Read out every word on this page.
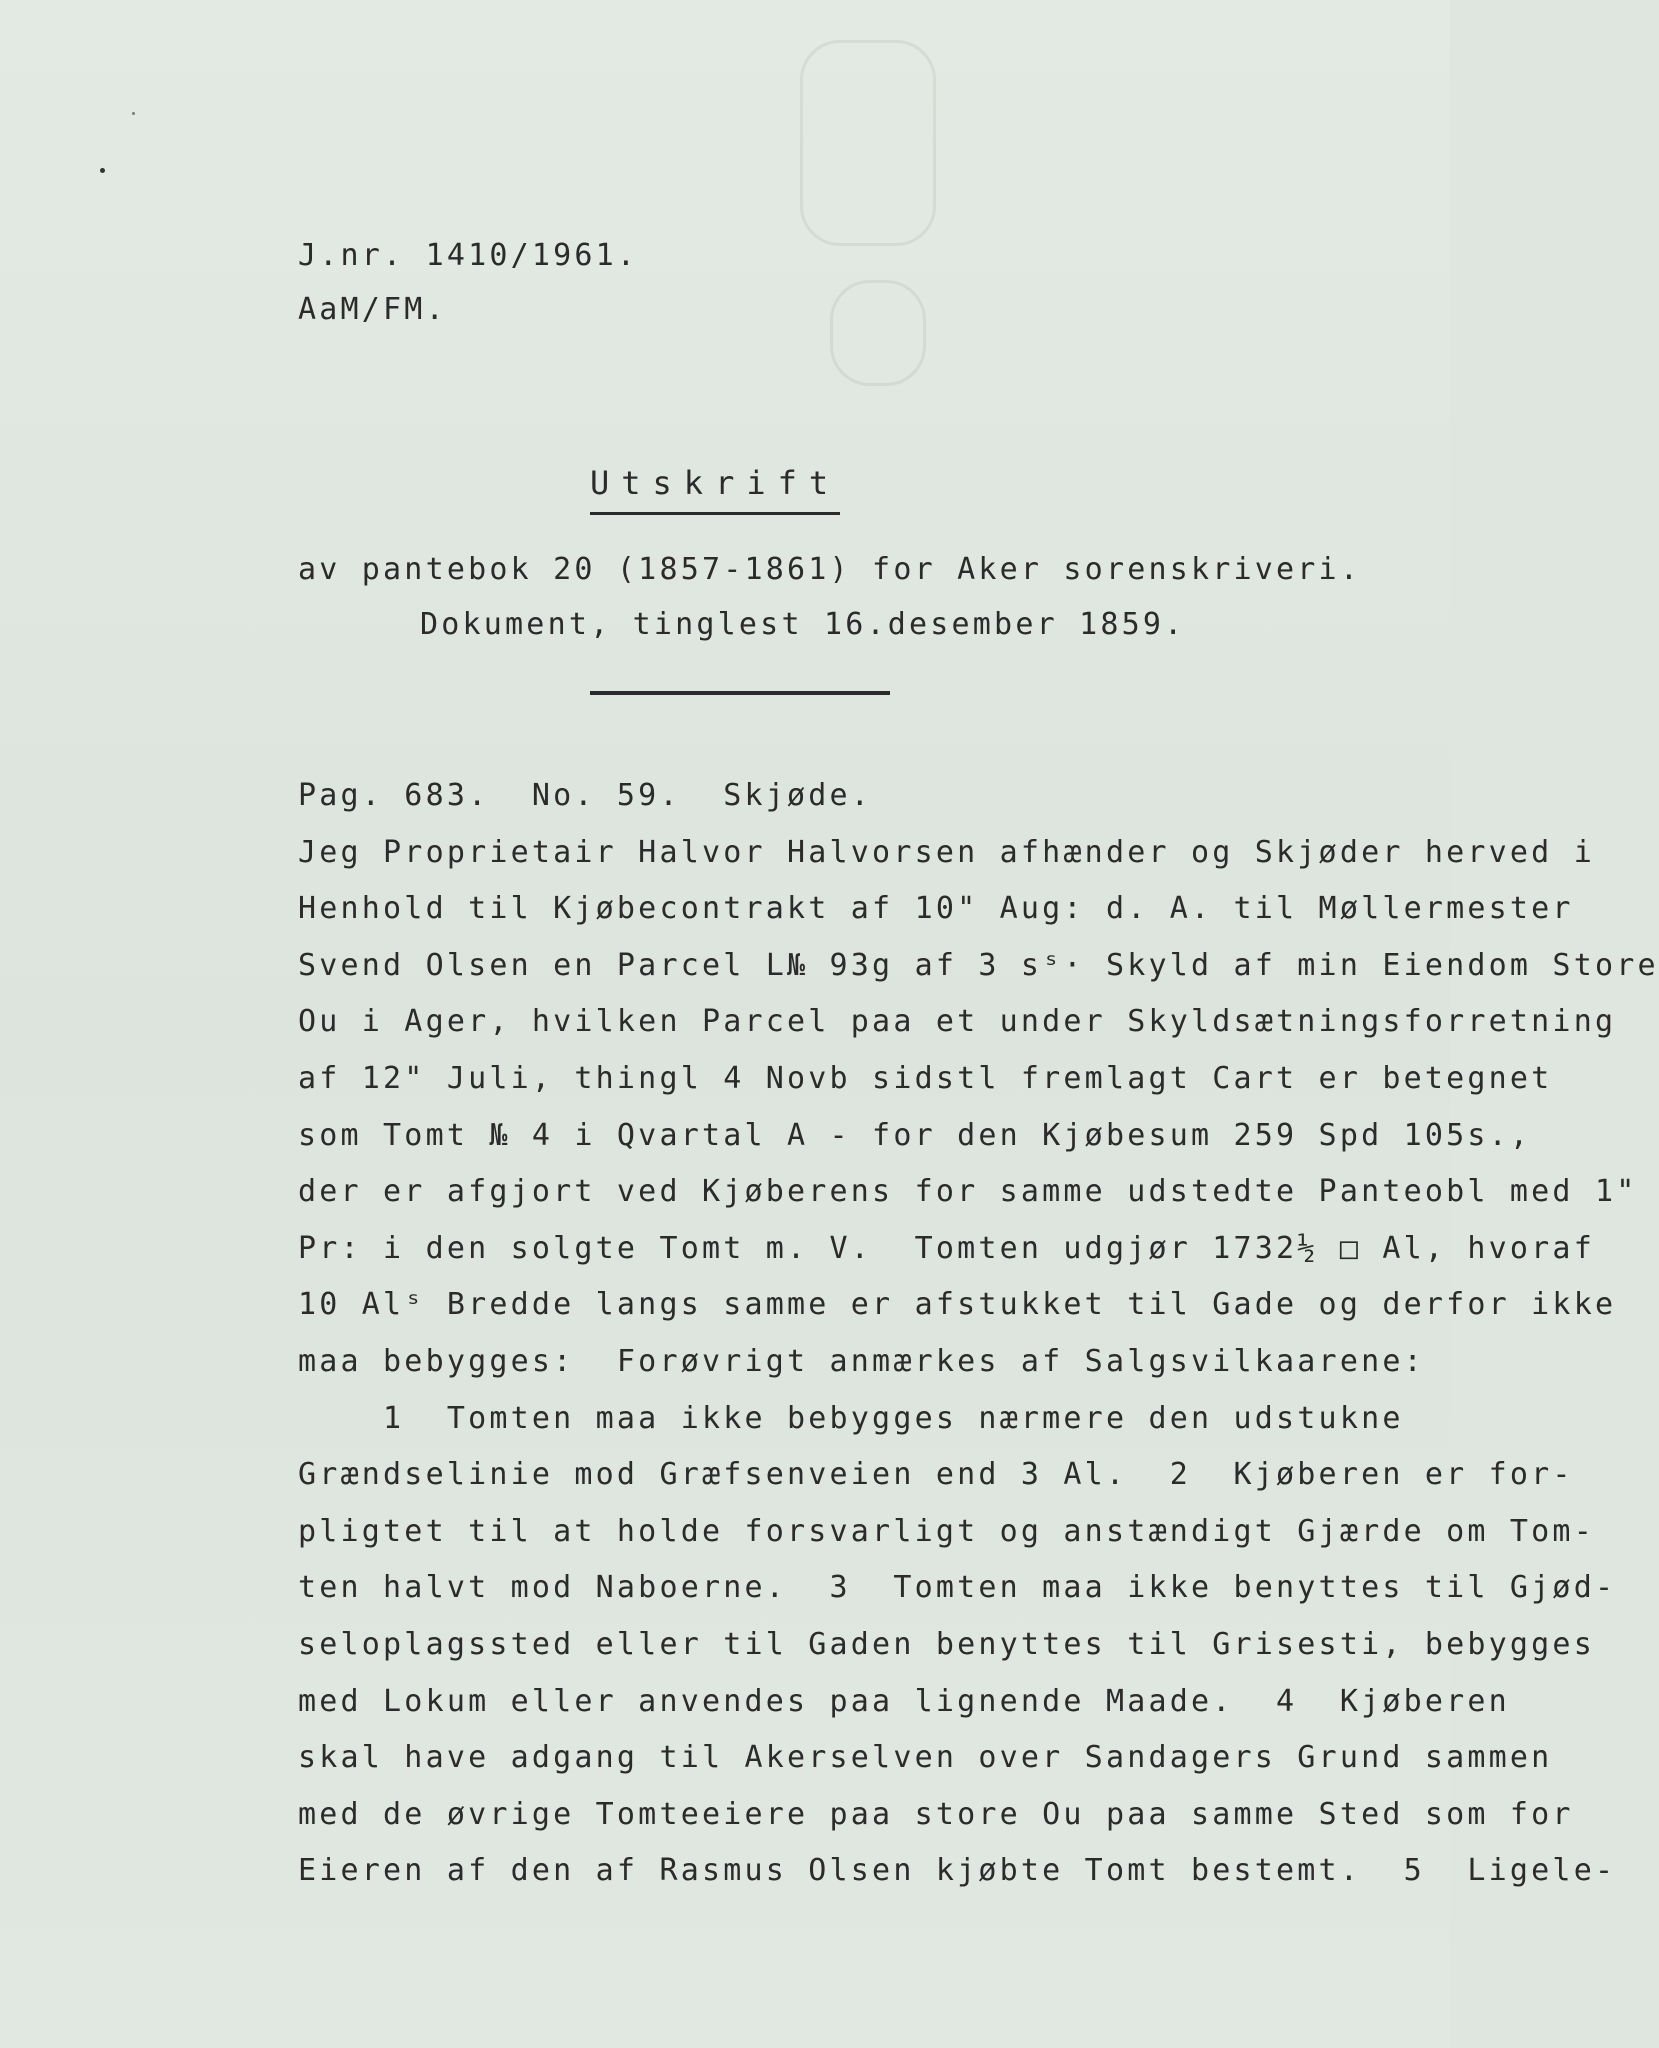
J.nr. 1410/1961.
AaM/FM.
Utskrift
av pantebok 20 (1857-1861) for Aker sorenskriveri.
Dokument, tinglest 16.desember 1859.
Pag. 683.  No. 59.  Skjøde.
Jeg Proprietair Halvor Halvorsen afhænder og Skjøder herved i
Henhold til Kjøbecontrakt af 10" Aug: d. A. til Møllermester
Svend Olsen en Parcel L№ 93g af 3 sˢ· Skyld af min Eiendom Store
Ou i Ager, hvilken Parcel paa et under Skyldsætningsforretning
af 12" Juli, thingl 4 Novb sidstl fremlagt Cart er betegnet
som Tomt № 4 i Qvartal A - for den Kjøbesum 259 Spd 105s.,
der er afgjort ved Kjøberens for samme udstedte Panteobl med 1"
Pr: i den solgte Tomt m. V.  Tomten udgjør 1732½ □ Al, hvoraf
10 Alˢ Bredde langs samme er afstukket til Gade og derfor ikke
maa bebygges:  Forøvrigt anmærkes af Salgsvilkaarene:
1  Tomten maa ikke bebygges nærmere den udstukne
Grændselinie mod Græfsenveien end 3 Al.  2  Kjøberen er for-
pligtet til at holde forsvarligt og anstændigt Gjærde om Tom-
ten halvt mod Naboerne.  3  Tomten maa ikke benyttes til Gjød-
seloplagssted eller til Gaden benyttes til Grisesti, bebygges
med Lokum eller anvendes paa lignende Maade.  4  Kjøberen
skal have adgang til Akerselven over Sandagers Grund sammen
med de øvrige Tomteeiere paa store Ou paa samme Sted som for
Eieren af den af Rasmus Olsen kjøbte Tomt bestemt.  5  Ligele-
